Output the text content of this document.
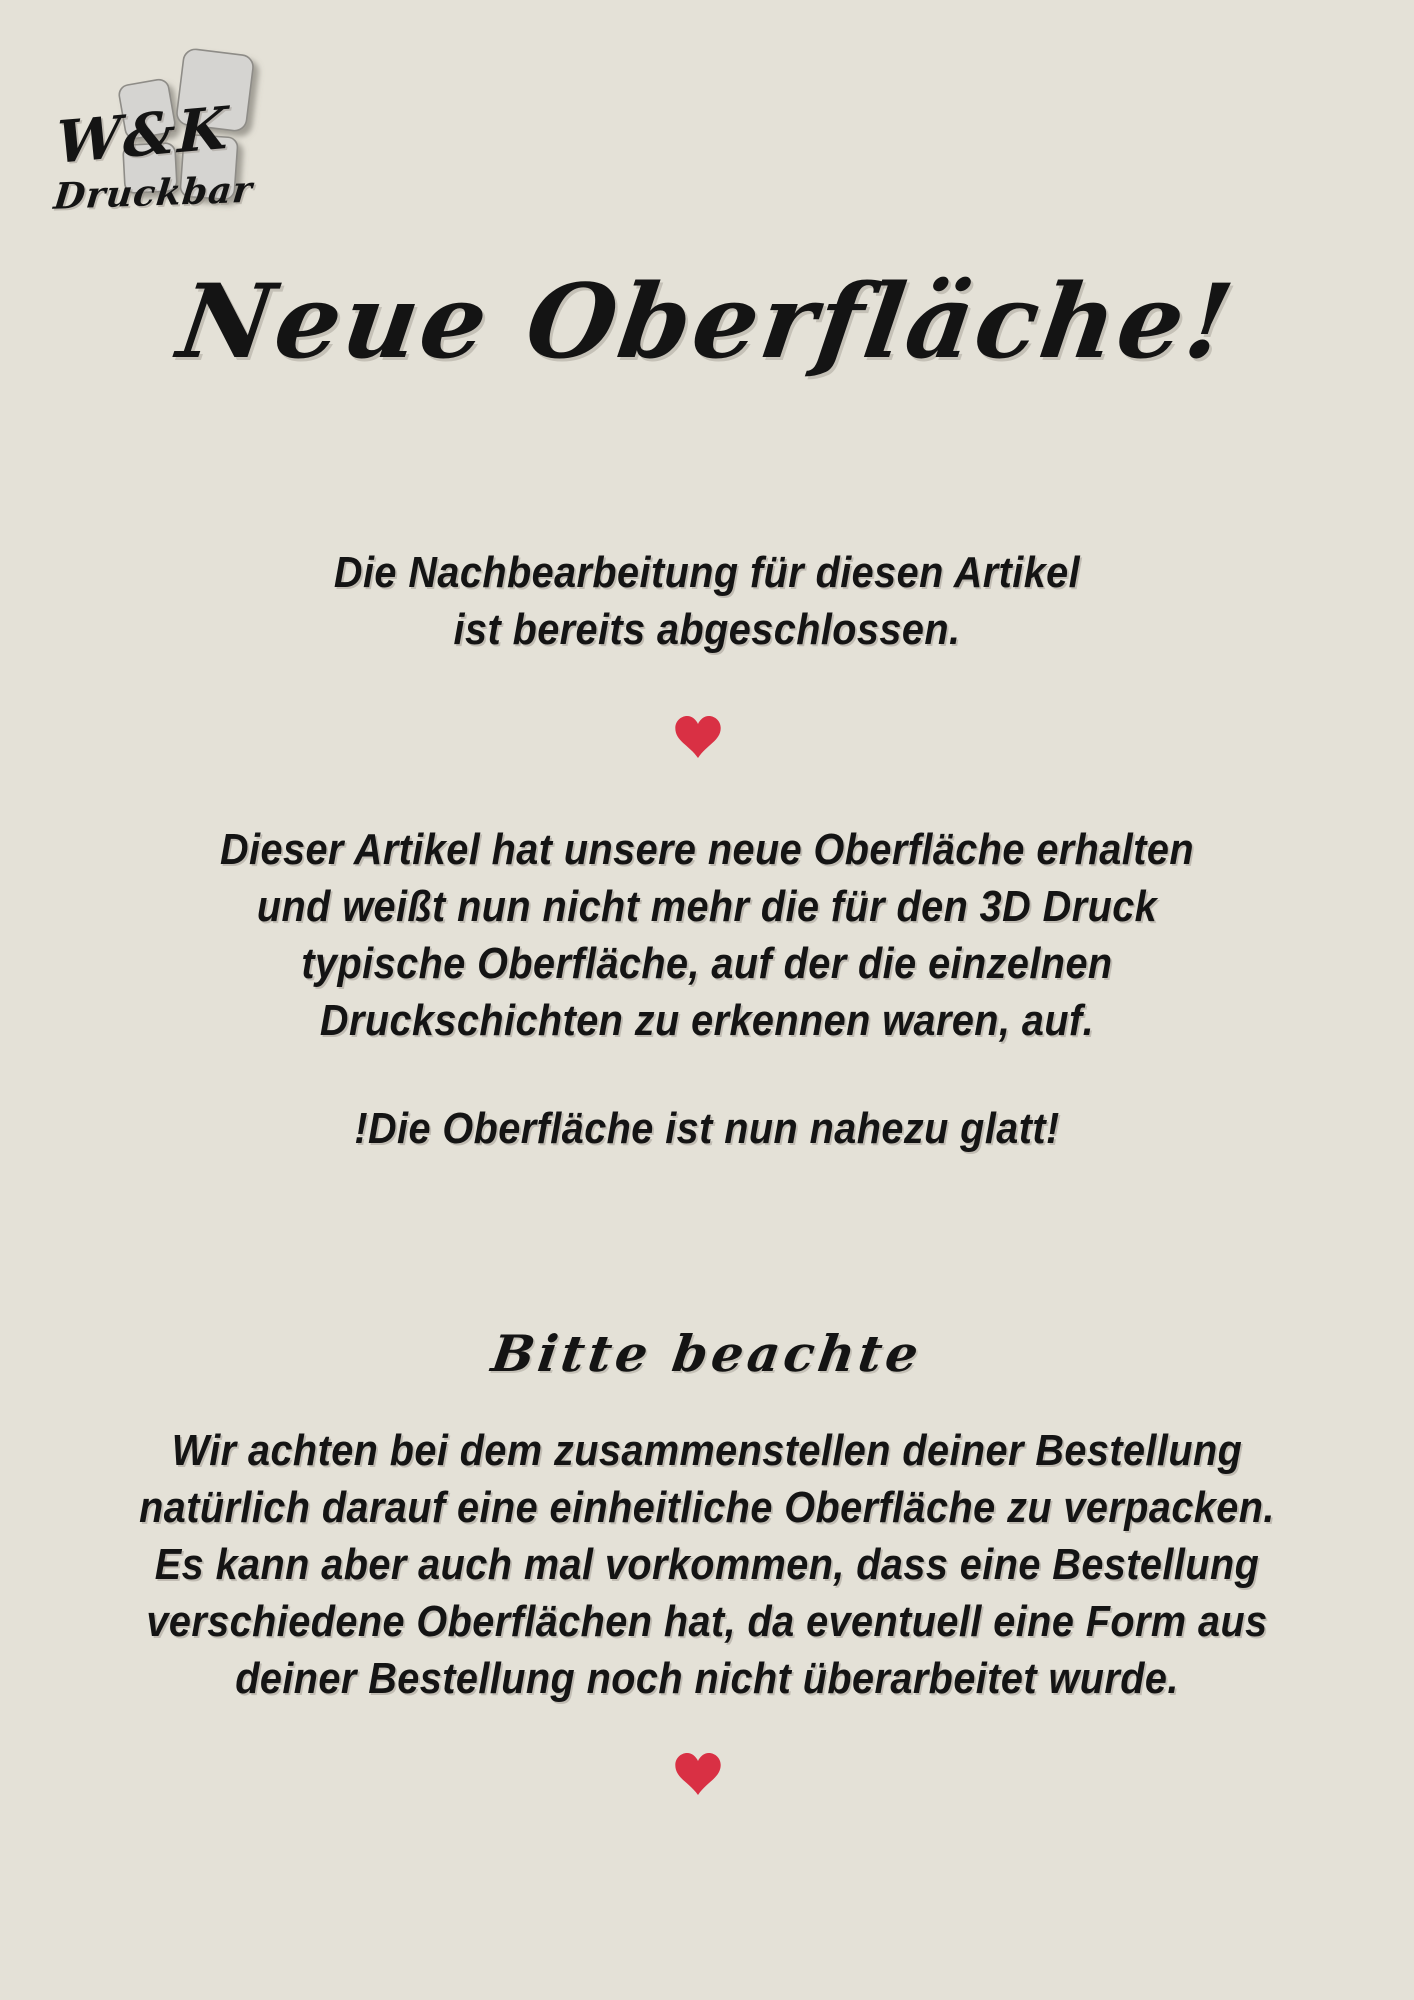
W&K
Druckbar
Neue Oberfläche!
Die Nachbearbeitung für diesen Artikel
ist bereits abgeschlossen.
Dieser Artikel hat unsere neue Oberfläche erhalten
und weißt nun nicht mehr die für den 3D Druck
typische Oberfläche, auf der die einzelnen
Druckschichten zu erkennen waren, auf.
!Die Oberfläche ist nun nahezu glatt!
Bitte beachte
Wir achten bei dem zusammenstellen deiner Bestellung
natürlich darauf eine einheitliche Oberfläche zu verpacken.
Es kann aber auch mal vorkommen, dass eine Bestellung
verschiedene Oberflächen hat, da eventuell eine Form aus
deiner Bestellung noch nicht überarbeitet wurde.
